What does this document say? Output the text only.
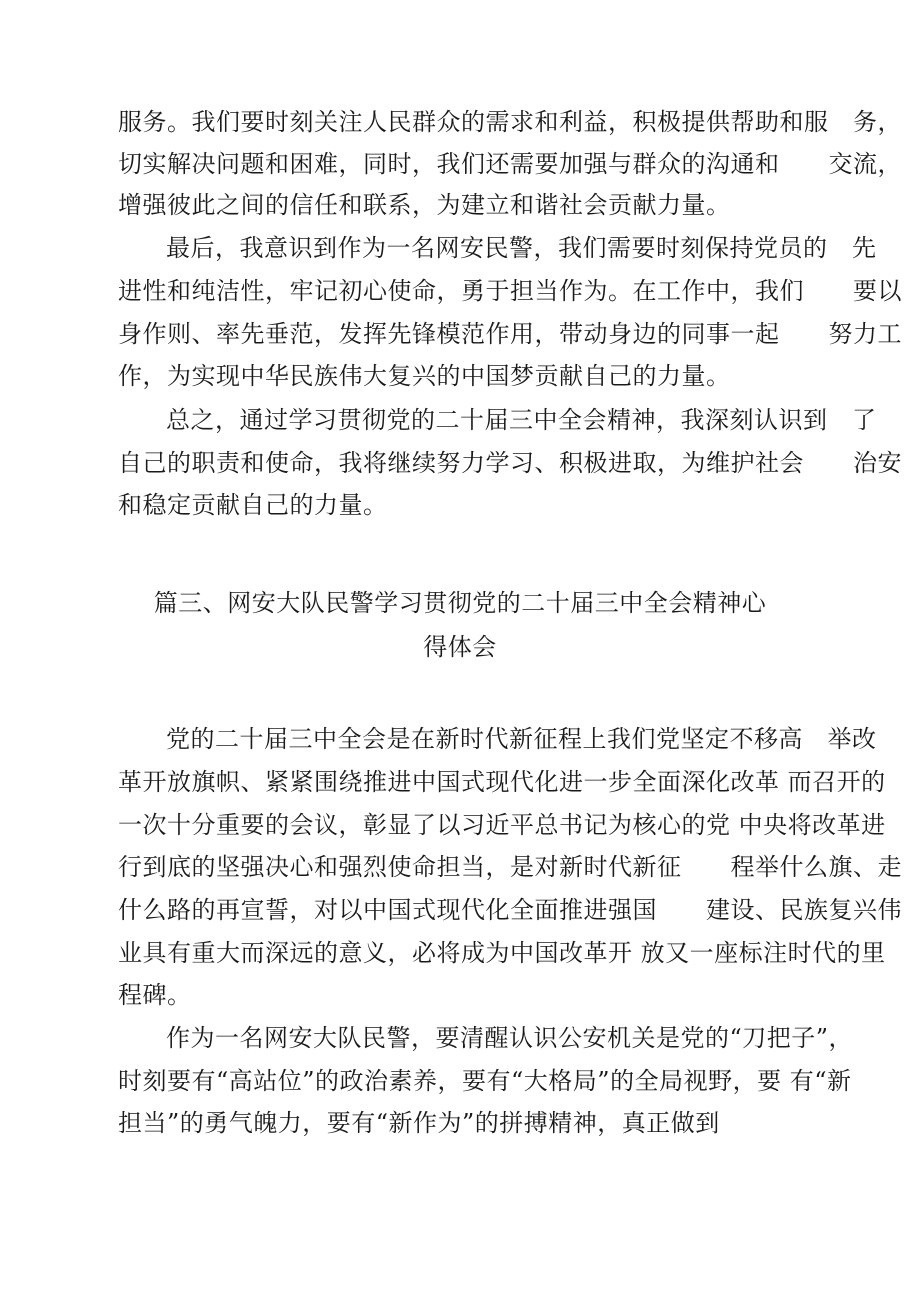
服务。我们要时刻关注人民群众的需求和利益，积极提供帮助和服　务，
切实解决问题和困难，同时，我们还需要加强与群众的沟通和　　交流，
增强彼此之间的信任和联系，为建立和谐社会贡献力量。
最后，我意识到作为一名网安民警，我们需要时刻保持党员的　先
进性和纯洁性，牢记初心使命，勇于担当作为。在工作中，我们　　要以
身作则、率先垂范，发挥先锋模范作用，带动身边的同事一起　　努力工
作，为实现中华民族伟大复兴的中国梦贡献自己的力量。
总之，通过学习贯彻党的二十届三中全会精神，我深刻认识到　了
自己的职责和使命，我将继续努力学习、积极进取，为维护社会　　治安
和稳定贡献自己的力量。
篇三、网安大队民警学习贯彻党的二十届三中全会精神心
得体会
党的二十届三中全会是在新时代新征程上我们党坚定不移高　举改
革开放旗帜、紧紧围绕推进中国式现代化进一步全面深化改革 而召开的
一次十分重要的会议，彰显了以习近平总书记为核心的党 中央将改革进
行到底的坚强决心和强烈使命担当，是对新时代新征　　程举什么旗、走
什么路的再宣誓，对以中国式现代化全面推进强国　　建设、民族复兴伟
业具有重大而深远的意义，必将成为中国改革开 放又一座标注时代的里
程碑。
作为一名网安大队民警，要清醒认识公安机关是党的“刀把子”，
时刻要有“高站位”的政治素养，要有“大格局”的全局视野，要 有“新
担当”的勇气魄力，要有“新作为”的拼搏精神，真正做到
